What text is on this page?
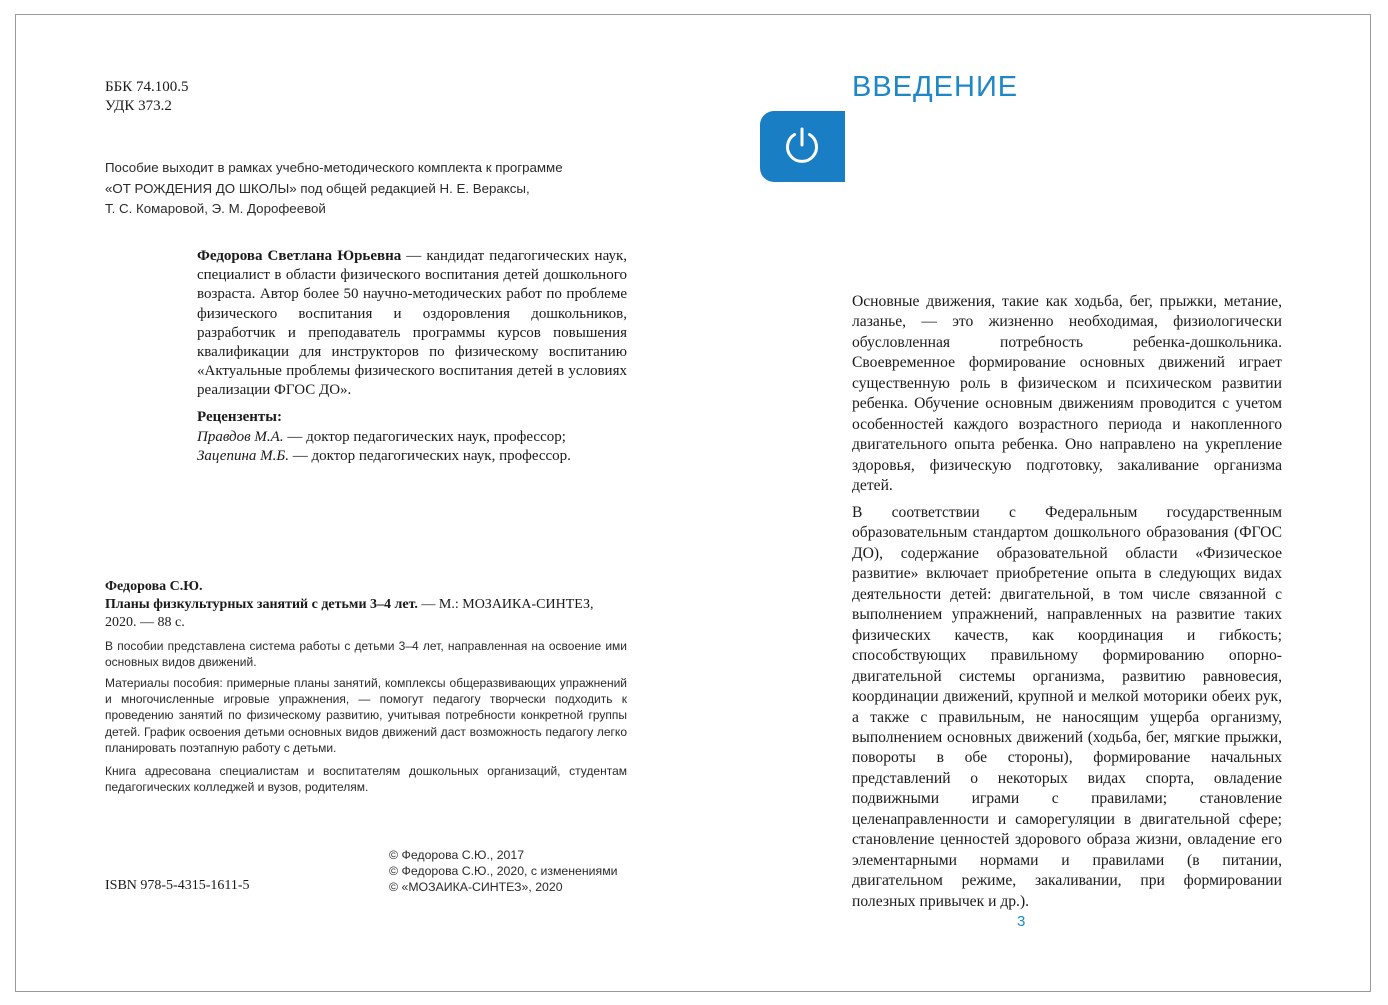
ББК 74.100.5
УДК 373.2
Пособие выходит в рамках учебно-методического комплекта к программе
«ОТ РОЖДЕНИЯ ДО ШКОЛЫ» под общей редакцией Н. Е. Вераксы,
Т. С. Комаровой, Э. М. Дорофеевой
Федорова Светлана Юрьевна — кандидат педагогических наук, специалист в области физического воспитания детей дошкольного возраста. Автор более 50 научно-методических работ по проблеме физического воспитания и оздоровления дошкольников, разработчик и преподаватель программы курсов повышения квалификации для инструкторов по физическому воспитанию «Актуальные проблемы физического воспитания детей в условиях реализации ФГОС ДО».
Рецензенты:
Правдов М.А. — доктор педагогических наук, профессор;
Зацепина М.Б. — доктор педагогических наук, профессор.
Федорова С.Ю.
Планы физкультурных занятий с детьми 3–4 лет. — М.: МОЗАИКА-СИНТЕЗ, 2020. — 88 с.
В пособии представлена система работы с детьми 3–4 лет, направленная на освоение ими основных видов движений.
Материалы пособия: примерные планы занятий, комплексы общеразвивающих упражнений и многочисленные игровые упражнения, — помогут педагогу творчески подходить к проведению занятий по физическому развитию, учитывая потребности конкретной группы детей. График освоения детьми основных видов движений даст возможность педагогу легко планировать поэтапную работу с детьми.
Книга адресована специалистам и воспитателям дошкольных организаций, студентам педагогических колледжей и вузов, родителям.
© Федорова С.Ю., 2017
© Федорова С.Ю., 2020, с изменениями
© «МОЗАИКА-СИНТЕЗ», 2020
ISBN 978-5-4315-1611-5
ВВЕДЕНИЕ
Основные движения, такие как ходьба, бег, прыжки, метание, лазанье, — это жизненно необходимая, физиологически обусловленная потребность ребенка-дошкольника. Своевременное формирование основных движений играет существенную роль в физическом и психическом развитии ребенка. Обучение основным движениям проводится с учетом особенностей каждого возрастного периода и накопленного двигательного опыта ребенка. Оно направлено на укрепление здоровья, физическую подготовку, закаливание организма детей.
В соответствии с Федеральным государственным образовательным стандартом дошкольного образования (ФГОС ДО), содержание образовательной области «Физическое развитие» включает приобретение опыта в следующих видах деятельности детей: двигательной, в том числе связанной с выполнением упражнений, направленных на развитие таких физических качеств, как координация и гибкость; способствующих правильному формированию опорно-двигательной системы организма, развитию равновесия, координации движений, крупной и мелкой моторики обеих рук, а также с правильным, не наносящим ущерба организму, выполнением основных движений (ходьба, бег, мягкие прыжки, повороты в обе стороны), формирование начальных представлений о некоторых видах спорта, овладение подвижными играми с правилами; становление целенаправленности и саморегуляции в двигательной сфере; становление ценностей здорового образа жизни, овладение его элементарными нормами и правилами (в питании, двигательном режиме, закаливании, при формировании полезных привычек и др.).
3
